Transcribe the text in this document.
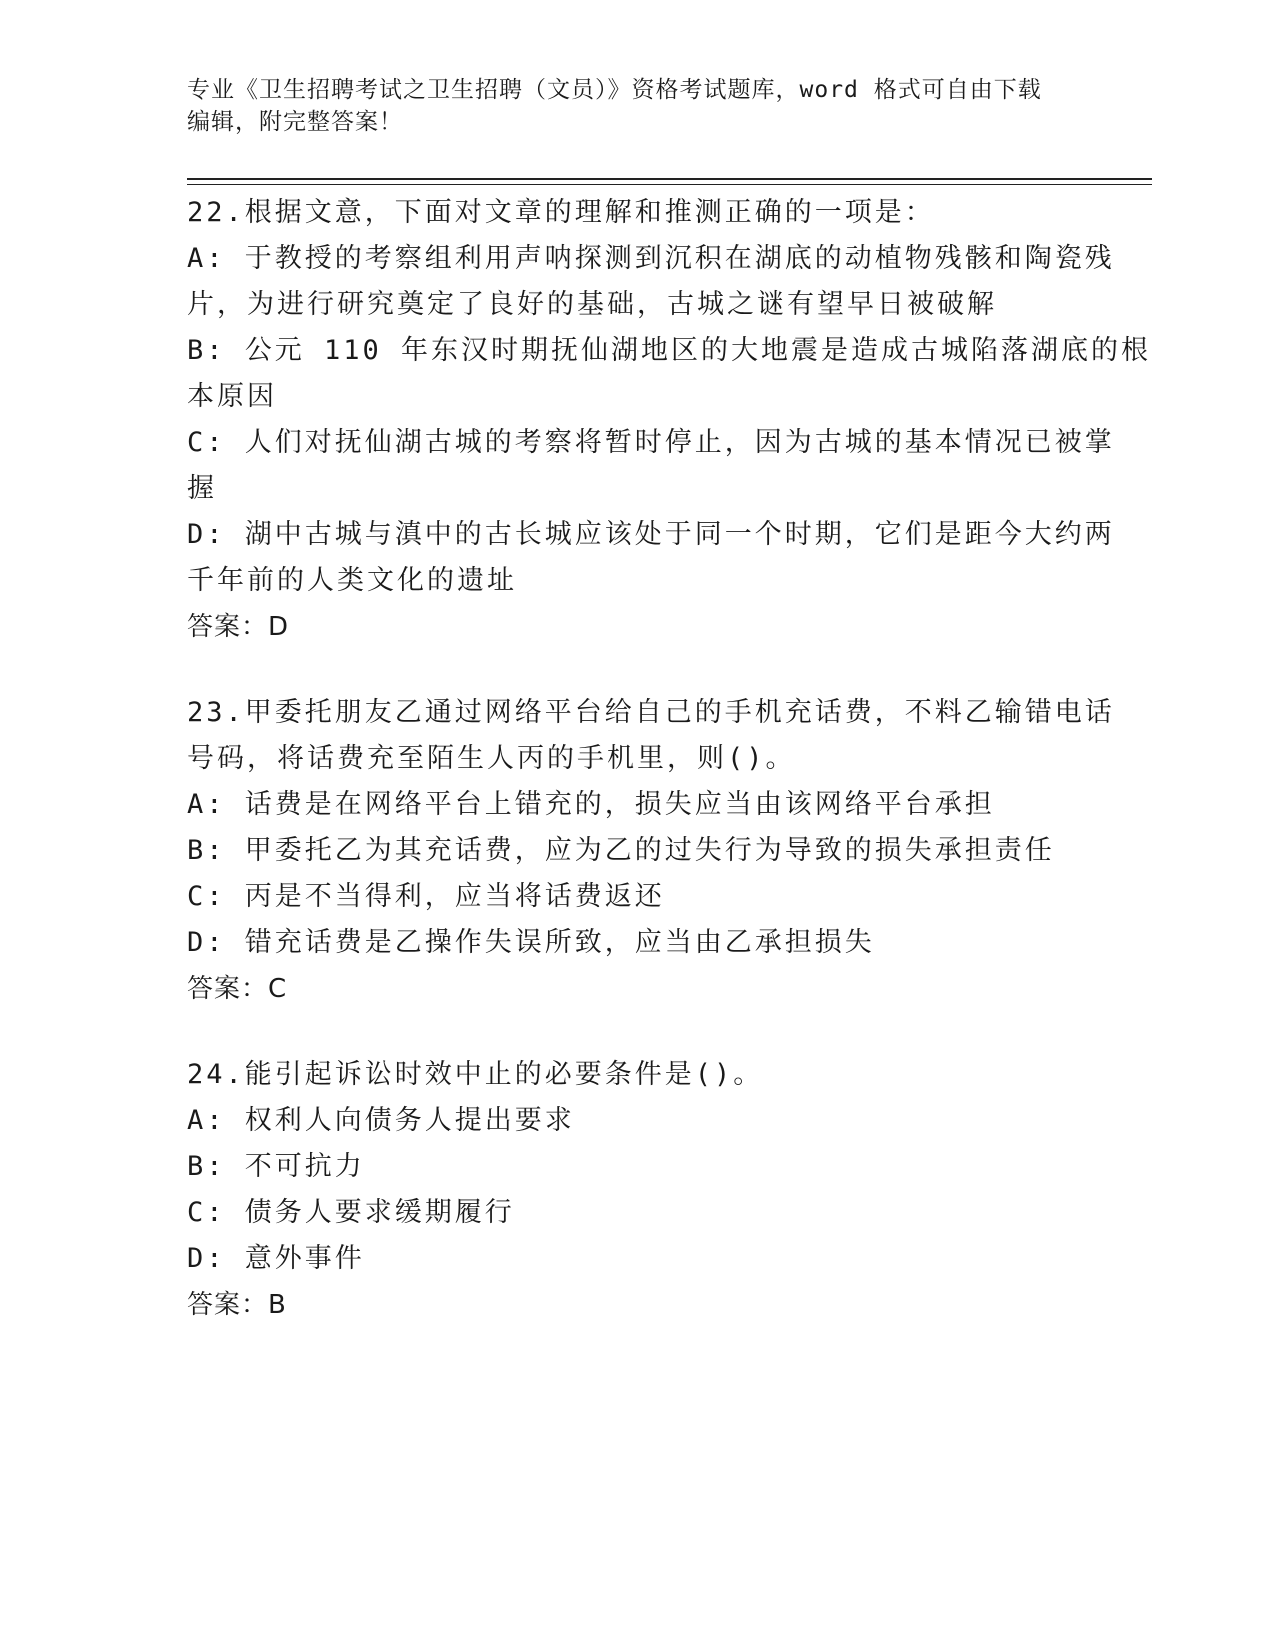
专业《卫生招聘考试之卫生招聘（文员）》资格考试题库，word 格式可自由下载
编辑，附完整答案！
22.根据文意，下面对文章的理解和推测正确的一项是：
A: 于教授的考察组利用声呐探测到沉积在湖底的动植物残骸和陶瓷残
片，为进行研究奠定了良好的基础，古城之谜有望早日被破解
B: 公元 110 年东汉时期抚仙湖地区的大地震是造成古城陷落湖底的根
本原因
C: 人们对抚仙湖古城的考察将暂时停止，因为古城的基本情况已被掌
握
D: 湖中古城与滇中的古长城应该处于同一个时期，它们是距今大约两
千年前的人类文化的遗址
答案：D
23.甲委托朋友乙通过网络平台给自己的手机充话费，不料乙输错电话
号码，将话费充至陌生人丙的手机里，则()。
A: 话费是在网络平台上错充的，损失应当由该网络平台承担
B: 甲委托乙为其充话费，应为乙的过失行为导致的损失承担责任
C: 丙是不当得利，应当将话费返还
D: 错充话费是乙操作失误所致，应当由乙承担损失
答案：C
24.能引起诉讼时效中止的必要条件是()。
A: 权利人向债务人提出要求
B: 不可抗力
C: 债务人要求缓期履行
D: 意外事件
答案：B
